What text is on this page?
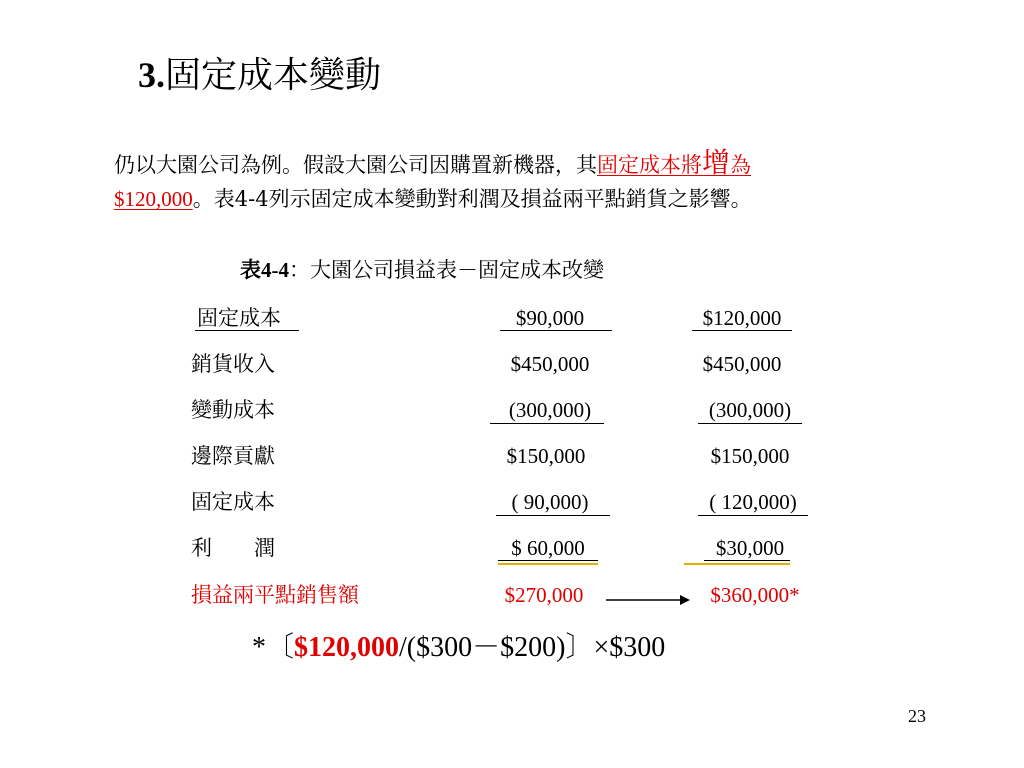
3.固定成本變動
仍以大園公司為例。假設大園公司因購置新機器，其固定成本將增為
$120,000。表4-4列示固定成本變動對利潤及損益兩平點銷貨之影響。
表4-4：大園公司損益表－固定成本改變
固定成本	$90,000	$120,000
銷貨收入	$450,000	$450,000
變動成本	(300,000)	(300,000)
邊際貢獻	$150,000	$150,000
固定成本	( 90,000)	( 120,000)
利　　潤	$ 60,000	$30,000
損益兩平點銷售額	$270,000	$360,000*
*〔$120,000/($300－$200)〕×$300
23
